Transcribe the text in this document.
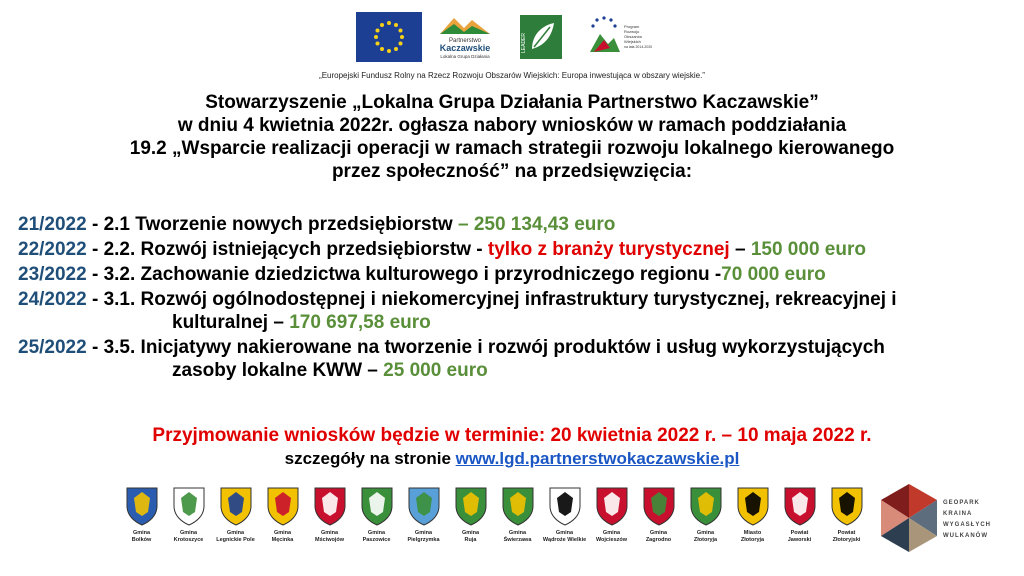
Partnerstwo
Kaczawskie
Lokalna Grupa Działania
LEADER
Program
Rozwoju
Obszarów
Wiejskich
na lata 2014-2020
„Europejski Fundusz Rolny na Rzecz Rozwoju Obszarów Wiejskich: Europa inwestująca w obszary wiejskie.”
Stowarzyszenie „Lokalna Grupa Działania Partnerstwo Kaczawskie”
w dniu 4 kwietnia 2022r. ogłasza nabory wniosków w ramach poddziałania
19.2 „Wsparcie realizacji operacji w ramach strategii rozwoju lokalnego kierowanego
przez społeczność” na przedsięwzięcia:
21/2022 - 2.1 Tworzenie nowych przedsiębiorstw – 250 134,43 euro
22/2022 - 2.2. Rozwój istniejących przedsiębiorstw - tylko z branży turystycznej – 150 000 euro
23/2022 - 3.2. Zachowanie dziedzictwa kulturowego i przyrodniczego regionu -70 000 euro
24/2022 - 3.1. Rozwój ogólnodostępnej i niekomercyjnej infrastruktury turystycznej, rekreacyjnej i
kulturalnej – 170 697,58 euro
25/2022 - 3.5. Inicjatywy nakierowane na tworzenie i rozwój produktów i usług wykorzystujących
zasoby lokalne KWW – 25 000 euro
Przyjmowanie wniosków będzie w terminie: 20 kwietnia 2022 r. – 10 maja 2022 r.
szczegóły na stronie www.lgd.partnerstwokaczawskie.pl
Gmina
Bolków
Gmina
Krotoszyce
Gmina
Legnickie Pole
Gmina
Męcinka
Gmina
Mściwojów
Gmina
Paszowice
Gmina
Pielgrzymka
Gmina
Ruja
Gmina
Świerzawa
Gmina
Wądroże Wielkie
Gmina
Wojcieszów
Gmina
Zagrodno
Gmina
Złotoryja
Miasto
Złotoryja
Powiat
Jaworski
Powiat
Złotoryjski
GEOPARK
KRAINA
WYGASŁYCH
WULKANÓW
